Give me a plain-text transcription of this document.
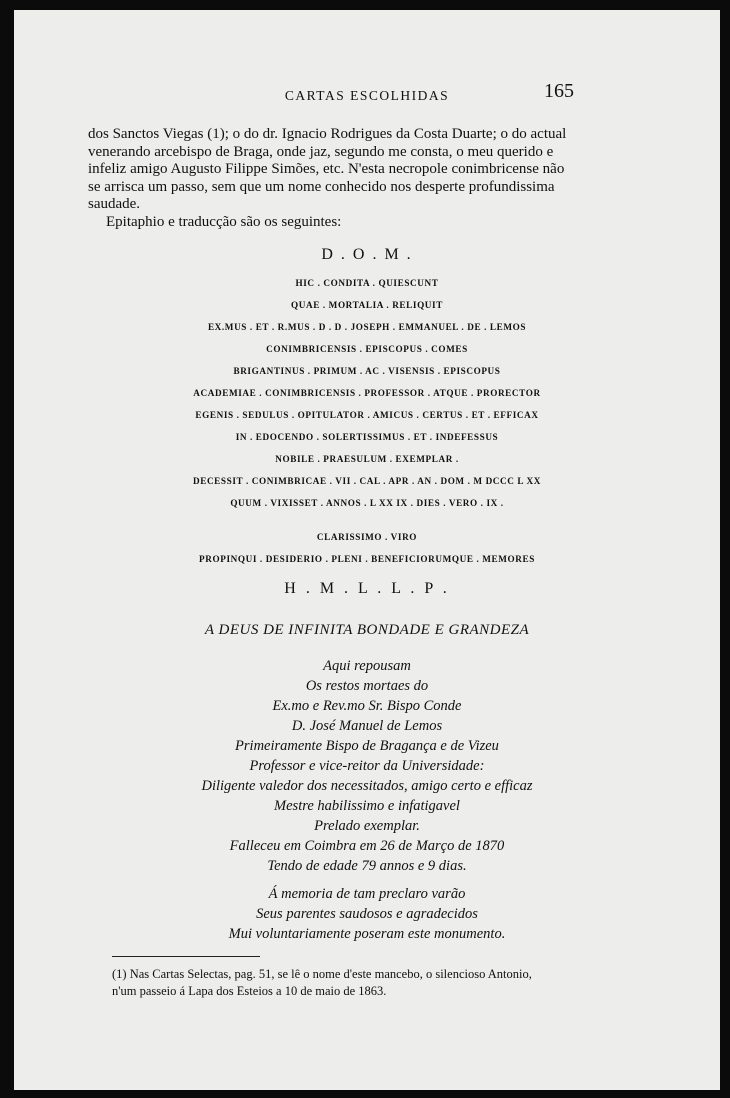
CARTAS ESCOLHIDAS	165

dos Sanctos Viegas (1); o do dr. Ignacio Rodrigues da Costa Duarte; o do actual venerando arcebispo de Braga, onde jaz, segundo me consta, o meu querido e infeliz amigo Augusto Filippe Simões, etc. N'esta necropole conimbricense não se arrisca um passo, sem que um nome conhecido nos desperte profundissima saudade.

Epitaphio e traducção são os seguintes:

D . O . M .
HIC . CONDITA . QUIESCUNT
QUAE . MORTALIA . RELIQUIT
EX.MUS . ET . R.MUS . D . D . JOSEPH . EMMANUEL . DE . LEMOS
CONIMBRICENSIS . EPISCOPUS . COMES
BRIGANTINUS . PRIMUM . AC . VISENSIS . EPISCOPUS
ACADEMIAE . CONIMBRICENSIS . PROFESSOR . ATQUE . PRORECTOR
EGENIS . SEDULUS . OPITULATOR . AMICUS . CERTUS . ET . EFFICAX
IN . EDOCENDO . SOLERTISSIMUS . ET . INDEFESSUS
NOBILE . PRAESULUM . EXEMPLAR .
DECESSIT . CONIMBRICAE . VII . CAL . APR . AN . DOM . M DCCC L XX
QUUM . VIXISSET . ANNOS . L XX IX . DIES . VERO . IX .
CLARISSIMO . VIRO
PROPINQUI . DESIDERIO . PLENI . BENEFICIORUMQUE . MEMORES
H . M . L . L . P .
A DEUS DE INFINITA BONDADE E GRANDEZA
Aqui repousam
Os restos mortaes do
Ex.mo e Rev.mo Sr. Bispo Conde
D. José Manuel de Lemos
Primeiramente Bispo de Bragança e de Vizeu
Professor e vice-reitor da Universidade:
Diligente valedor dos necessitados, amigo certo e efficaz
Mestre habilissimo e infatigavel
Prelado exemplar.
Falleceu em Coimbra em 26 de Março de 1870
Tendo de edade 79 annos e 9 dias.
Á memoria de tam preclaro varão
Seus parentes saudosos e agradecidos
Mui voluntariamente poseram este monumento.

(1) Nas Cartas Selectas, pag. 51, se lê o nome d'este mancebo, o silencioso Antonio,

n'um passeio á Lapa dos Esteios a 10 de maio de 1863.
